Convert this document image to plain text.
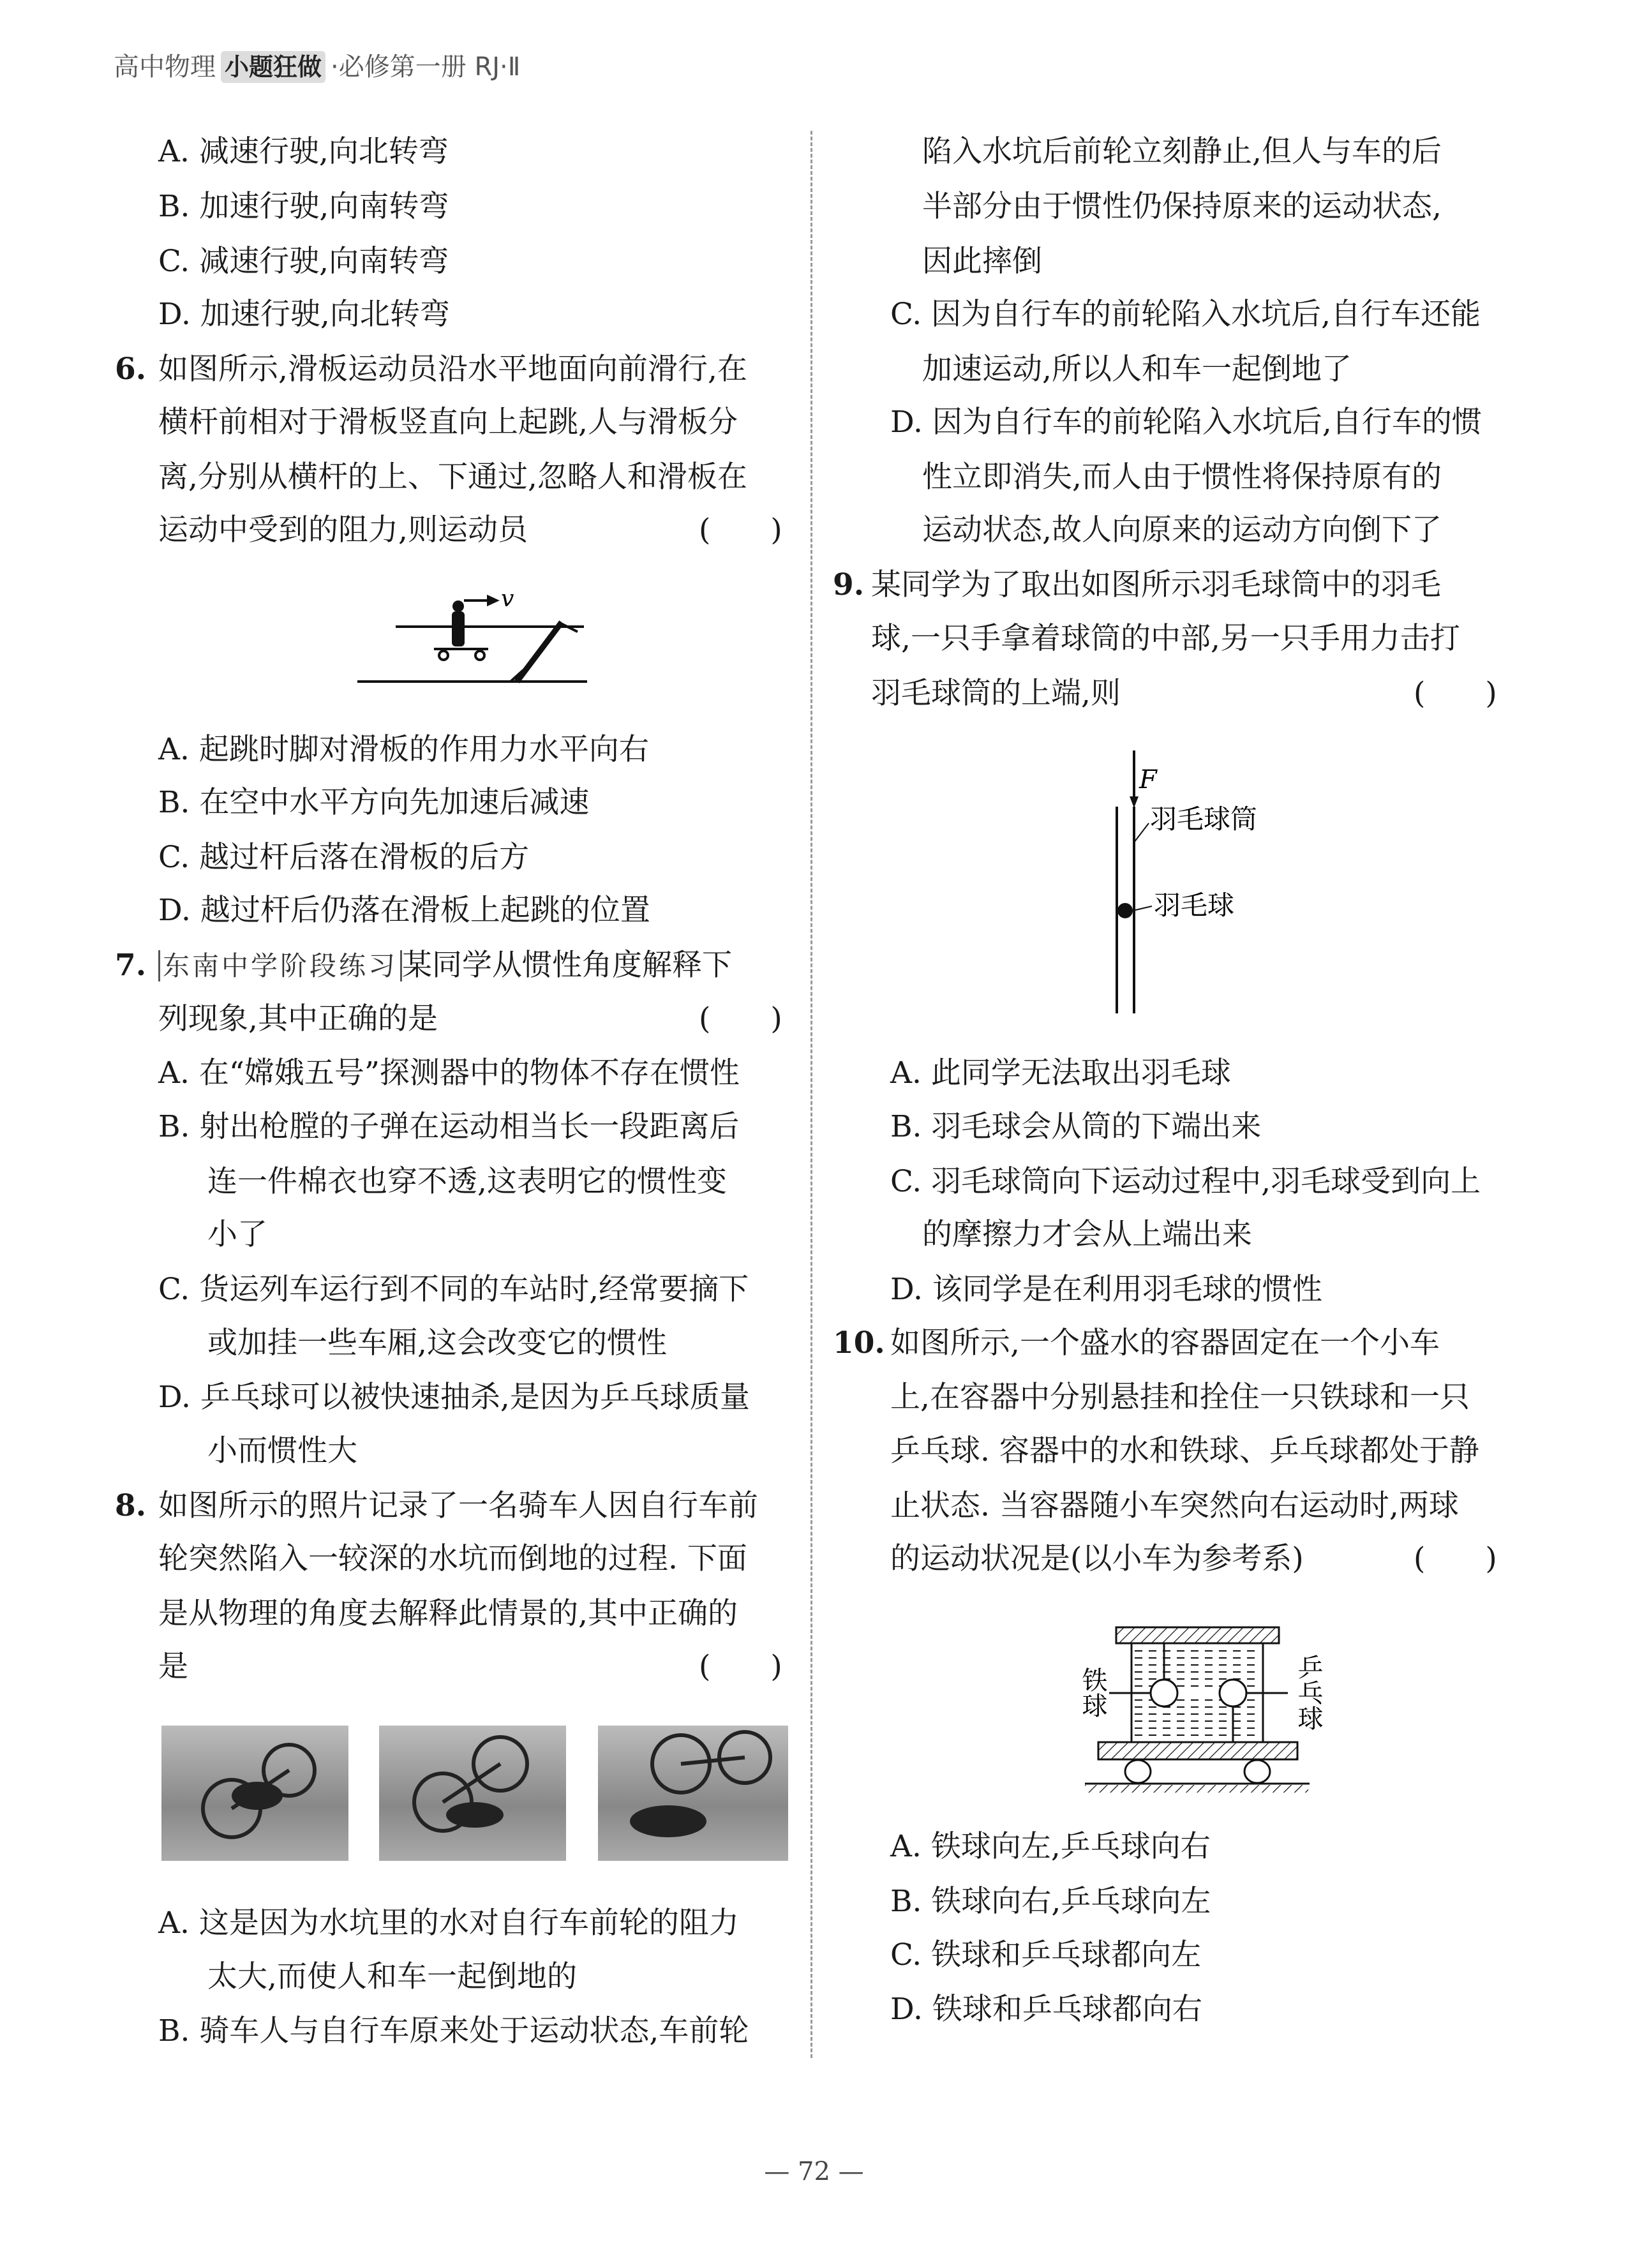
高中物理 小题狂做 ·必修第一册 RJ·Ⅱ
A. 减速行驶,向北转弯
B. 加速行驶,向南转弯
C. 减速行驶,向南转弯
D. 加速行驶,向北转弯
6. 如图所示,滑板运动员沿水平地面向前滑行,在
横杆前相对于滑板竖直向上起跳,人与滑板分
离,分别从横杆的上、下通过,忽略人和滑板在
运动中受到的阻力,则运动员	(　　)
v
A. 起跳时脚对滑板的作用力水平向右
B. 在空中水平方向先加速后减速
C. 越过杆后落在滑板的后方
D. 越过杆后仍落在滑板上起跳的位置
7. 东南中学阶段练习 某同学从惯性角度解释下
列现象,其中正确的是	(　　)
A. 在“嫦娥五号”探测器中的物体不存在惯性
B. 射出枪膛的子弹在运动相当长一段距离后
连一件棉衣也穿不透,这表明它的惯性变
小了
C. 货运列车运行到不同的车站时,经常要摘下
或加挂一些车厢,这会改变它的惯性
D. 乒乓球可以被快速抽杀,是因为乒乓球质量
小而惯性大
8. 如图所示的照片记录了一名骑车人因自行车前
轮突然陷入一较深的水坑而倒地的过程. 下面
是从物理的角度去解释此情景的,其中正确的
是	(　　)
A. 这是因为水坑里的水对自行车前轮的阻力
太大,而使人和车一起倒地的
B. 骑车人与自行车原来处于运动状态,车前轮
陷入水坑后前轮立刻静止,但人与车的后
半部分由于惯性仍保持原来的运动状态,
因此摔倒
C. 因为自行车的前轮陷入水坑后,自行车还能
加速运动,所以人和车一起倒地了
D. 因为自行车的前轮陷入水坑后,自行车的惯
性立即消失,而人由于惯性将保持原有的
运动状态,故人向原来的运动方向倒下了
9. 某同学为了取出如图所示羽毛球筒中的羽毛
球,一只手拿着球筒的中部,另一只手用力击打
羽毛球筒的上端,则	(　　)
F
羽毛球筒
羽毛球
A. 此同学无法取出羽毛球
B. 羽毛球会从筒的下端出来
C. 羽毛球筒向下运动过程中,羽毛球受到向上
的摩擦力才会从上端出来
D. 该同学是在利用羽毛球的惯性
10. 如图所示,一个盛水的容器固定在一个小车
上,在容器中分别悬挂和拴住一只铁球和一只
乒乓球. 容器中的水和铁球、乒乓球都处于静
止状态. 当容器随小车突然向右运动时,两球
的运动状况是(以小车为参考系)	(　　)
铁球	乒乓球
A. 铁球向左,乒乓球向右
B. 铁球向右,乒乓球向左
C. 铁球和乒乓球都向左
D. 铁球和乒乓球都向右
— 72 —
